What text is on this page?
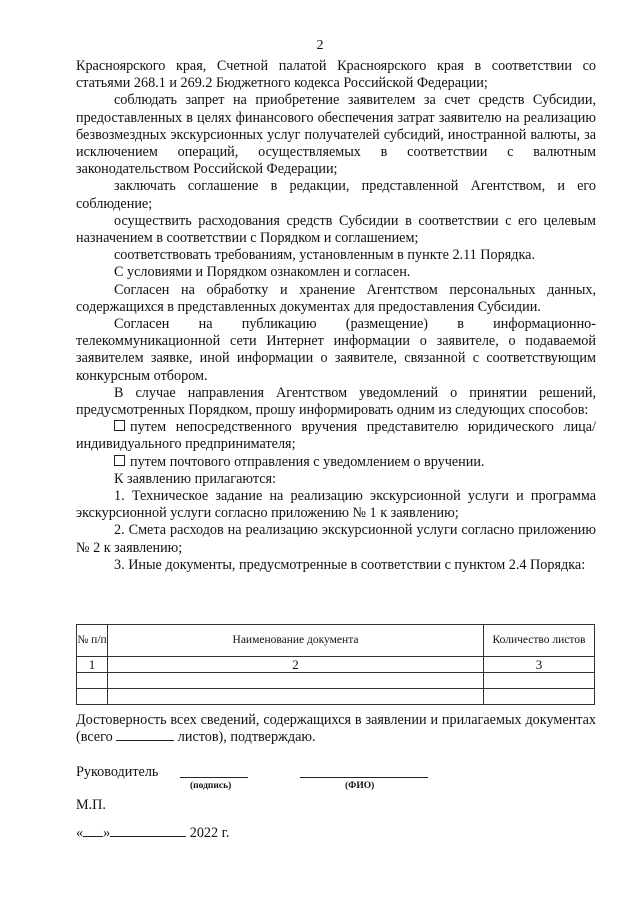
2

Красноярского края, Счетной палатой Красноярского края в соответствии со статьями 268.1 и 269.2 Бюджетного кодекса Российской Федерации;

соблюдать запрет на приобретение заявителем за счет средств Субсидии, предоставленных в целях финансового обеспечения затрат заявителю на реализацию безвозмездных экскурсионных услуг получателей субсидий, иностранной валюты, за исключением операций, осуществляемых в соответствии с валютным законодательством Российской Федерации;

заключать соглашение в редакции, представленной Агентством, и его соблюдение;

осуществить расходования средств Субсидии в соответствии с его целевым назначением в соответствии с Порядком и соглашением;

соответствовать требованиям, установленным в пункте 2.11 Порядка.

С условиями и Порядком ознакомлен и согласен.

Согласен на обработку и хранение Агентством персональных данных, содержащихся в представленных документах для предоставления Субсидии.

Согласен на публикацию (размещение) в информационно-телекоммуникационной сети Интернет информации о заявителе, о подаваемой заявителем заявке, иной информации о заявителе, связанной с соответствующим конкурсным отбором.

В случае направления Агентством уведомлений о принятии решений, предусмотренных Порядком, прошу информировать одним из следующих способов:

путем непосредственного вручения представителю юридического лица/ индивидуального предпринимателя;

путем почтового отправления с уведомлением о вручении.

К заявлению прилагаются:

1. Техническое задание на реализацию экскурсионной услуги и программа экскурсионной услуги согласно приложению № 1 к заявлению;

2. Смета расходов на реализацию экскурсионной услуги согласно приложению № 2 к заявлению;

3. Иные документы, предусмотренные в соответствии с пунктом 2.4 Порядка:

№ п/п	Наименование документа	Количество листов
1	2	3

Достоверность всех сведений, содержащихся в заявлении и прилагаемых документах (всего	листов), подтверждаю.

Руководитель
(подпись)	(ФИО)
М.П.
« »	2022 г.
